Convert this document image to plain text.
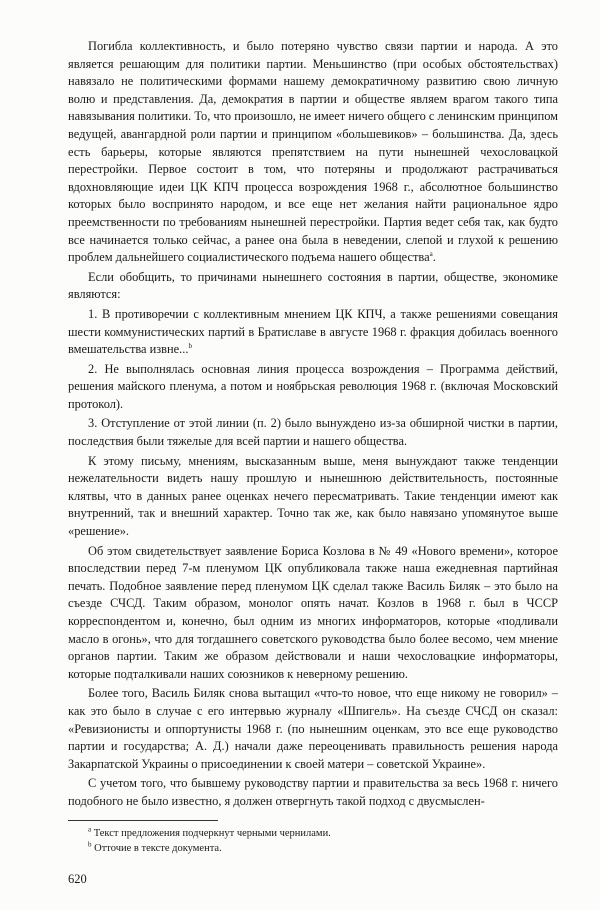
Погибла коллективность, и было потеряно чувство связи партии и народа. А это является решающим для политики партии. Меньшинство (при особых обстоятельствах) навязало не политическими формами нашему демократичному развитию свою личную волю и представления. Да, демократия в партии и обществе являем врагом такого типа навязывания политики. То, что произошло, не имеет ничего общего с ленинским принципом ведущей, авангардной роли партии и принципом «большевиков» – большинства. Да, здесь есть барьеры, которые являются препятствием на пути нынешней чехословацкой перестройки. Первое состоит в том, что потеряны и продолжают растрачиваться вдохновляющие идеи ЦК КПЧ процесса возрождения 1968 г., абсолютное большинство которых было воспринято народом, и все еще нет желания найти рациональное ядро преемственности по требованиям нынешней перестройки. Партия ведет себя так, как будто все начинается только сейчас, а ранее она была в неведении, слепой и глухой к решению проблем дальнейшего социалистического подъема нашего общества$^a$.

Если обобщить, то причинами нынешнего состояния в партии, обществе, экономике являются:

1. В противоречии с коллективным мнением ЦК КПЧ, а также решениями совещания шести коммунистических партий в Братиславе в августе 1968 г. фракция добилась военного вмешательства извне...$^b$

2. Не выполнялась основная линия процесса возрождения – Программа действий, решения майского пленума, а потом и ноябрьская революция 1968 г. (включая Московский протокол).

3. Отступление от этой линии (п. 2) было вынуждено из-за обширной чистки в партии, последствия были тяжелые для всей партии и нашего общества.

К этому письму, мнениям, высказанным выше, меня вынуждают также тенденции нежелательности видеть нашу прошлую и нынешнюю действительность, постоянные клятвы, что в данных ранее оценках нечего пересматривать. Такие тенденции имеют как внутренний, так и внешний характер. Точно так же, как было навязано упомянутое выше «решение».

Об этом свидетельствует заявление Бориса Козлова в № 49 «Нового времени», которое впоследствии перед 7-м пленумом ЦК опубликовала также наша ежедневная партийная печать. Подобное заявление перед пленумом ЦК сделал также Василь Биляк – это было на съезде СЧСД. Таким образом, монолог опять начат. Козлов в 1968 г. был в ЧССР корреспондентом и, конечно, был одним из многих информаторов, которые «подливали масло в огонь», что для тогдашнего советского руководства было более весомо, чем мнение органов партии. Таким же образом действовали и наши чехословацкие информаторы, которые подталкивали наших союзников к неверному решению.

Более того, Василь Биляк снова вытащил «что-то новое, что еще никому не говорил» – как это было в случае с его интервью журналу «Шпигель». На съезде СЧСД он сказал: «Ревизионисты и оппортунисты 1968 г. (по нынешним оценкам, это все еще руководство партии и государства; А. Д.) начали даже переоценивать правильность решения народа Закарпатской Украины о присоединении к своей матери – советской Украине».

С учетом того, что бывшему руководству партии и правительства за весь 1968 г. ничего подобного не было известно, я должен отвергнуть такой подход с двусмыслен-

$^a$ Текст предложения подчеркнут черными чернилами.

$^b$ Отточие в тексте документа.

620
